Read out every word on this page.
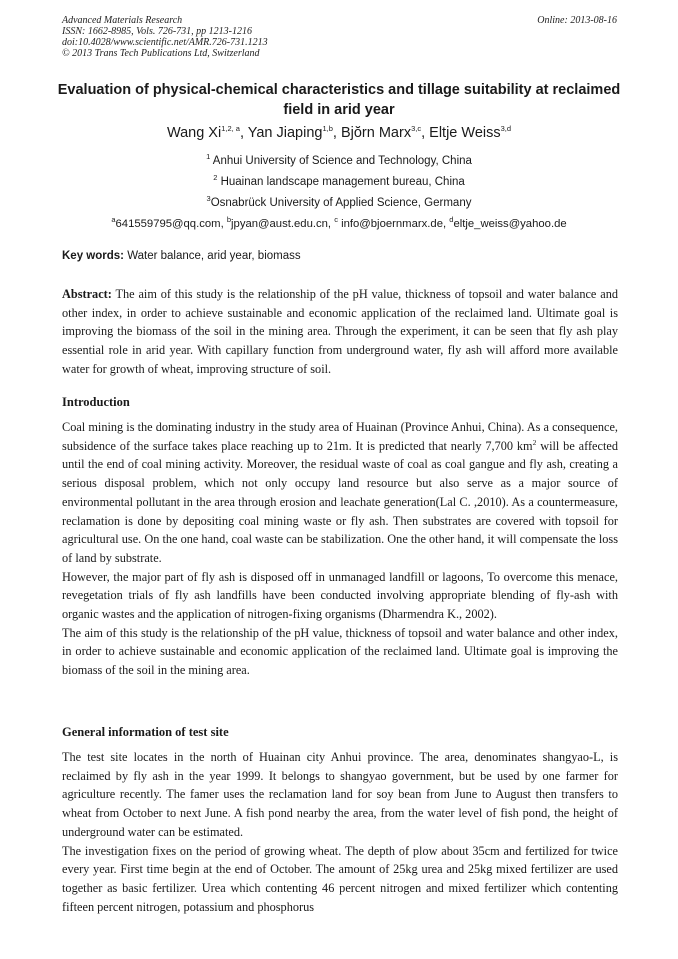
Advanced Materials Research
ISSN: 1662-8985, Vols. 726-731, pp 1213-1216
doi:10.4028/www.scientific.net/AMR.726-731.1213
© 2013 Trans Tech Publications Ltd, Switzerland
Online: 2013-08-16
Evaluation of physical-chemical characteristics and tillage suitability at reclaimed field in arid year
Wang Xi$^{1,2, a}$, Yan Jiaping$^{1,b}$, Bjŏrn Marx$^{3,c}$, Eltje Weiss$^{3,d}$
$^1$ Anhui University of Science and Technology, China
$^2$ Huainan landscape management bureau, China
$^3$Osnabrück University of Applied Science, Germany
$^a$641559795@qq.com, $^b$jpyan@aust.edu.cn, $^c$ info@bjoernmarx.de, $^d$eltje_weiss@yahoo.de
Key words: Water balance, arid year, biomass

Abstract: The aim of this study is the relationship of the pH value, thickness of topsoil and water balance and other index, in order to achieve sustainable and economic application of the reclaimed land. Ultimate goal is improving the biomass of the soil in the mining area. Through the experiment, it can be seen that fly ash play essential role in arid year. With capillary function from underground water, fly ash will afford more available water for growth of wheat, improving structure of soil.

Introduction

Coal mining is the dominating industry in the study area of Huainan (Province Anhui, China). As a consequence, subsidence of the surface takes place reaching up to 21m. It is predicted that nearly 7,700 $km^2$ will be affected until the end of coal mining activity. Moreover, the residual waste of coal as coal gangue and fly ash, creating a serious disposal problem, which not only occupy land resource but also serve as a major source of environmental pollutant in the area through erosion and leachate generation(Lal C. ,2010). As a countermeasure, reclamation is done by depositing coal mining waste or fly ash. Then substrates are covered with topsoil for agricultural use. On the one hand, coal waste can be stabilization. One the other hand, it will compensate the loss of land by substrate.

However, the major part of fly ash is disposed off in unmanaged landfill or lagoons, To overcome this menace, revegetation trials of fly ash landfills have been conducted involving appropriate blending of fly-ash with organic wastes and the application of nitrogen-fixing organisms (Dharmendra K., 2002).

The aim of this study is the relationship of the pH value, thickness of topsoil and water balance and other index, in order to achieve sustainable and economic application of the reclaimed land. Ultimate goal is improving the biomass of the soil in the mining area.

General information of test site

The test site locates in the north of Huainan city Anhui province. The area, denominates shangyao-L, is reclaimed by fly ash in the year 1999. It belongs to shangyao government, but be used by one farmer for agriculture recently. The famer uses the reclamation land for soy bean from June to August then transfers to wheat from October to next June. A fish pond nearby the area, from the water level of fish pond, the height of underground water can be estimated.

The investigation fixes on the period of growing wheat. The depth of plow about 35cm and fertilized for twice every year. First time begin at the end of October. The amount of 25kg urea and 25kg mixed fertilizer are used together as basic fertilizer. Urea which contenting 46 percent nitrogen and mixed fertilizer which contenting fifteen percent nitrogen, potassium and phosphorus
